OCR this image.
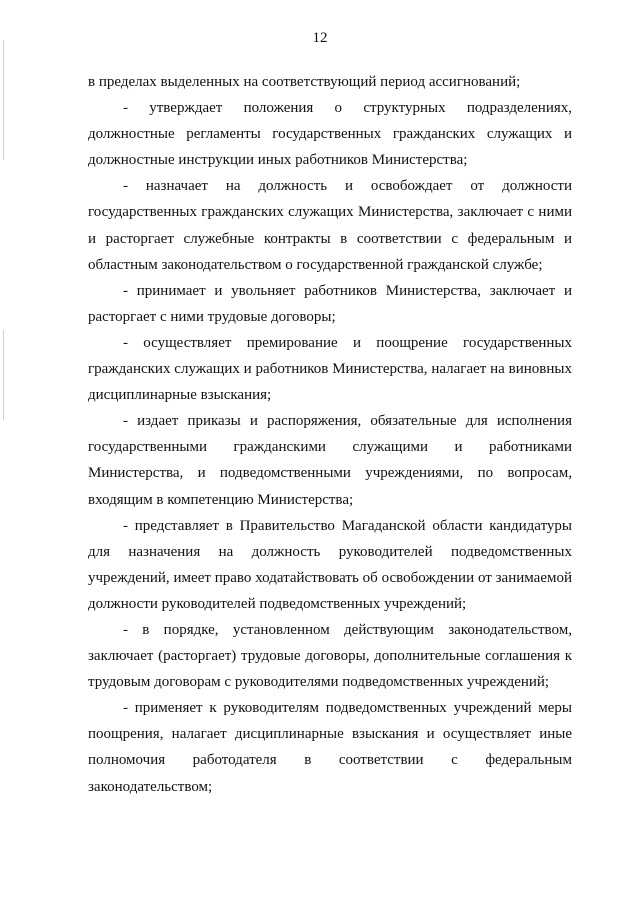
12

в пределах выделенных на соответствующий период ассигнований;

- утверждает положения о структурных подразделениях, должностные регламенты государственных гражданских служащих и должностные инструкции иных работников Министерства;

- назначает на должность и освобождает от должности государственных гражданских служащих Министерства, заключает с ними и расторгает служебные контракты в соответствии с федеральным и областным законодательством о государственной гражданской службе;

- принимает и увольняет работников Министерства, заключает и расторгает с ними трудовые договоры;

- осуществляет премирование и поощрение государственных гражданских служащих и работников Министерства, налагает на виновных дисциплинарные взыскания;

- издает приказы и распоряжения, обязательные для исполнения государственными гражданскими служащими и работниками Министерства, и подведомственными учреждениями, по вопросам, входящим в компетенцию Министерства;

- представляет в Правительство Магаданской области кандидатуры для назначения на должность руководителей подведомственных учреждений, имеет право ходатайствовать об освобождении от занимаемой должности руководителей подведомственных учреждений;

- в порядке, установленном действующим законодательством, заключает (расторгает) трудовые договоры, дополнительные соглашения к трудовым договорам с руководителями подведомственных учреждений;

- применяет к руководителям подведомственных учреждений меры поощрения, налагает дисциплинарные взыскания и осуществляет иные полномочия работодателя в соответствии с федеральным законодательством;
